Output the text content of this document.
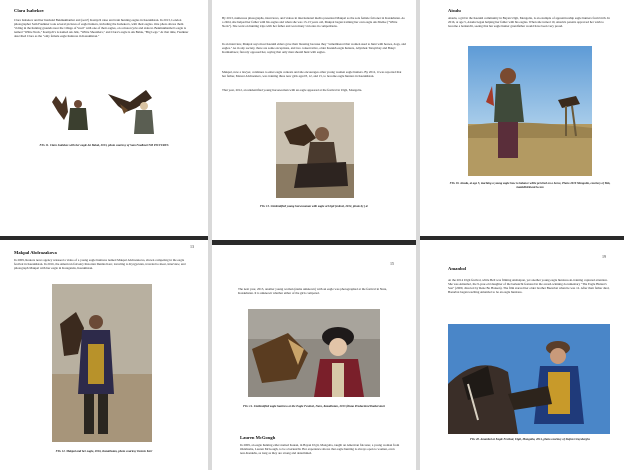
Clara Isabekov

Clara Isabekov and her husband Bekmukhanbet and (son?) Kaznych raise and train hunting eagles in Kazakhstan. In 2013, London photographer Sam Faulkner took several pictures of eagle hunters, including the Isabekovs, with their eagles. One photo shows them "riding in the hunting grounds near the village of Vosti" with one of their eagles, on a motorcycle and sidecar. Bekmukhanbet's eagle is named "White Neck," Kaznych's is named Ak Jalk, "White Shoulders," and Clara's eagle is Ak Balak, "Big Legs." At that time, Faulkner described Clara as the "only female eagle huntress in Kazakhstan."

FIG 11. Clara Isabekov with her eagle Ak Balak, 2013, photo courtesy of Sam Faulkner/NB PICTURES

By 2013, numerous photographs, interviews, and videos in international media presented Makpal as the sole female falconer in Kazakhstan. As a child, she helped her father with his eagles and when she was 13-13 years old, Makpal began training her own eagle Ak Zhelke ("White Neck"). She went on hunting trips with her father and won many victories in competitions.

In an interview, Makpal says most Kazakh elders gave their blessing because they "remembered that women used to hunt with horses, dogs, and eagles." As in any society, there are some exceptions, and two conservative, older Kazakh eagle hunters, Altynbek Tursynbay and Bakyt Karmanbaev, fiercely opposed her, saying that only men should hunt with eagles.

Makpal, now a lawyer, continues to enter eagle contests and she encourages other young women eagle hunters. By 2012, it was reported that her father, Marzet Abdrazakov, was training three new girls aged 8, 12, and 15, to become eagle hunters in Kazakhstan.

That year, 2012, an unidentified young horsewoman with an eagle appeared at the festival in Ulgii, Mongolia.

FIG 13. Unidentified young horsewoman with eagle at Ulgii festival, 2012, photo by j.d.
Aisulu

Aisulu, a girl in the Kazakh community in Bayan Ulgii, Mongolia, is an example of apprenticeship eagle hunters from birth. In 2016, at age 5, Aisulu began helping her father with his eagles. When she turned 10, Aisulu's parents approved her wish to become a berkutchi, seeing that her eagle hunter grandfather would have been very proud.

FIG 19. Aisulu, at age 5, teaching a young eagle how to balance while perched on a horse, Photo 2019 Mongolia, courtesy of Bek, kazakhbirdwatch.com
13
Makpal Abdrazakova

In 2009, Reuters news agency released a video of a young eagle huntress named Makpal Abdrazakova, shown competing in the eagle festival in Kazakhstan. In 2016, the American falconry historian Dennis Kerr, traveling to Kyrgyzstan, traveled to meet, interview, and photograph Makpal with her eagle in Karaganda, Kazakhstan.

FIG 12. Makpal and her eagle, 2016, Kazakhstan, photo courtesy Dennis Kerr
15

The next year, 2013, another young woman (name unknown) with an eagle was photographed at the festival in Nura, Kazakhstan. It is unknown whether either of the girls competed.

FIG 14. Unidentified eagle huntress at the Eagle Festival, Nura, Kazakhstan, 2013 (Iluna Production/Shutterstock
Lauren McGough

In 2009, an eagle hunting elder named Kokan, in Bayan Ulgii, Mongolia, taught an American falconer, a young woman from Oklahoma, Lauren McGough, to be a berkutchi. Her experience shows that eagle hunting is always open to women, even non-Kazakhs, as long as they are strong and determined.

19
Amanbol

At the 2014 Ulgii festival, while Bell was filming Aisholpan, yet another young eagle huntress-in-training captured attention. She was Amanbol, the 9-year-old daughter of the berkutchi featured in the award-winning documentary "The Eagle Hunter's Son" (2009, directed by Rene Bo Hansen). The film starred her older brother Bazarbai when he was 12. After their father died, Bazarbai began teaching Amanbol to be an eagle huntress.

FIG 20. Amanbol at Eagle Festival, Ulgii, Mongolia, 2014, photo courtesy of Stefan Cruysberghs
